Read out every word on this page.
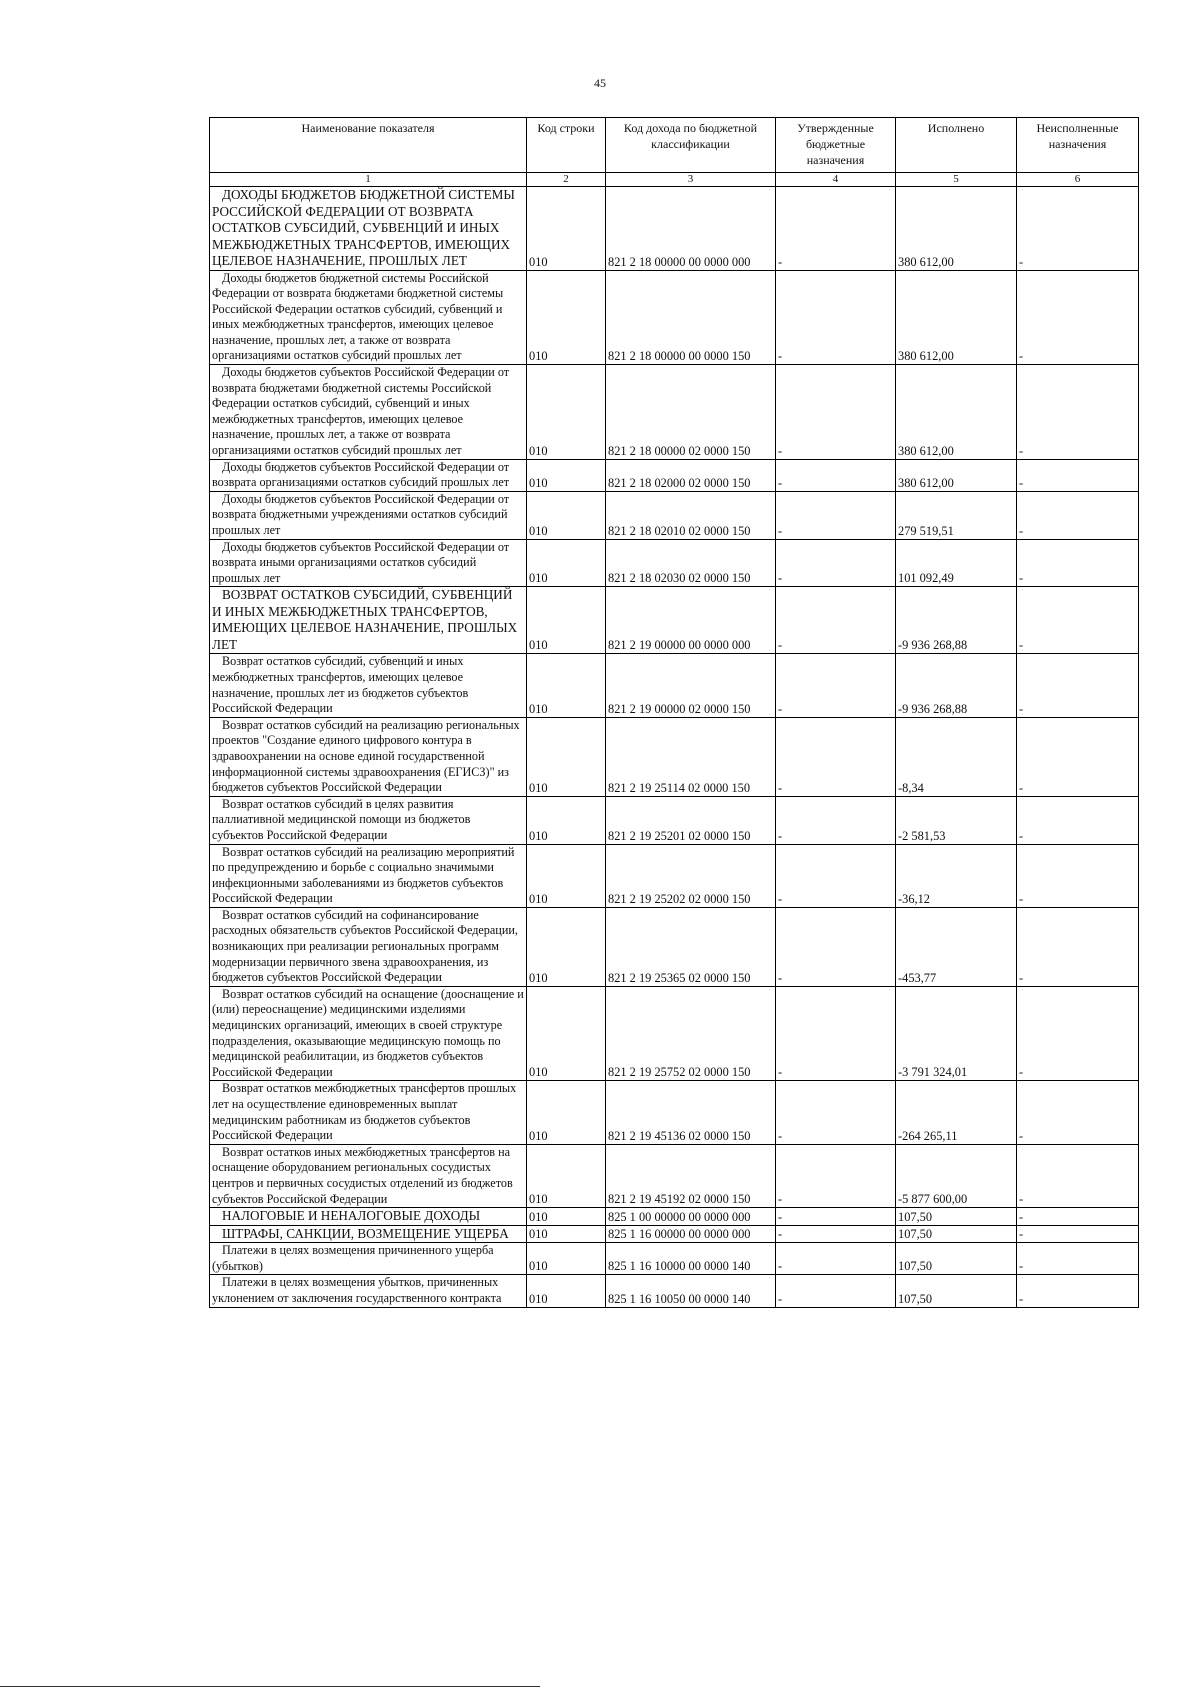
45
Наименование показателя	Код строки	Код дохода по бюджетной классификации	Утвержденные бюджетные назначения	Исполнено	Неисполненные назначения
1	2	3	4	5	6
ДОХОДЫ БЮДЖЕТОВ БЮДЖЕТНОЙ СИСТЕМЫ РОССИЙСКОЙ ФЕДЕРАЦИИ ОТ ВОЗВРАТА ОСТАТКОВ СУБСИДИЙ, СУБВЕНЦИЙ И ИНЫХ МЕЖБЮДЖЕТНЫХ ТРАНСФЕРТОВ, ИМЕЮЩИХ ЦЕЛЕВОЕ НАЗНАЧЕНИЕ, ПРОШЛЫХ ЛЕТ	010	821 2 18 00000 00 0000 000	-	380 612,00	-
Доходы бюджетов бюджетной системы Российской Федерации от возврата бюджетами бюджетной системы Российской Федерации остатков субсидий, субвенций и иных межбюджетных трансфертов, имеющих целевое назначение, прошлых лет, а также от возврата организациями остатков субсидий прошлых лет	010	821 2 18 00000 00 0000 150	-	380 612,00	-
Доходы бюджетов субъектов Российской Федерации от возврата бюджетами бюджетной системы Российской Федерации остатков субсидий, субвенций и иных межбюджетных трансфертов, имеющих целевое назначение, прошлых лет, а также от возврата организациями остатков субсидий прошлых лет	010	821 2 18 00000 02 0000 150	-	380 612,00	-
Доходы бюджетов субъектов Российской Федерации от возврата организациями остатков субсидий прошлых лет	010	821 2 18 02000 02 0000 150	-	380 612,00	-
Доходы бюджетов субъектов Российской Федерации от возврата бюджетными учреждениями остатков субсидий прошлых лет	010	821 2 18 02010 02 0000 150	-	279 519,51	-
Доходы бюджетов субъектов Российской Федерации от возврата иными организациями остатков субсидий прошлых лет	010	821 2 18 02030 02 0000 150	-	101 092,49	-
ВОЗВРАТ ОСТАТКОВ СУБСИДИЙ, СУБВЕНЦИЙ И ИНЫХ МЕЖБЮДЖЕТНЫХ ТРАНСФЕРТОВ, ИМЕЮЩИХ ЦЕЛЕВОЕ НАЗНАЧЕНИЕ, ПРОШЛЫХ ЛЕТ	010	821 2 19 00000 00 0000 000	-	-9 936 268,88	-
Возврат остатков субсидий, субвенций и иных межбюджетных трансфертов, имеющих целевое назначение, прошлых лет из бюджетов субъектов Российской Федерации	010	821 2 19 00000 02 0000 150	-	-9 936 268,88	-
Возврат остатков субсидий на реализацию региональных проектов "Создание единого цифрового контура в здравоохранении на основе единой государственной информационной системы здравоохранения (ЕГИСЗ)" из бюджетов субъектов Российской Федерации	010	821 2 19 25114 02 0000 150	-	-8,34	-
Возврат остатков субсидий в целях развития паллиативной медицинской помощи из бюджетов субъектов Российской Федерации	010	821 2 19 25201 02 0000 150	-	-2 581,53	-
Возврат остатков субсидий на реализацию мероприятий по предупреждению и борьбе с социально значимыми инфекционными заболеваниями из бюджетов субъектов Российской Федерации	010	821 2 19 25202 02 0000 150	-	-36,12	-
Возврат остатков субсидий на софинансирование расходных обязательств субъектов Российской Федерации, возникающих при реализации региональных программ модернизации первичного звена здравоохранения, из бюджетов субъектов Российской Федерации	010	821 2 19 25365 02 0000 150	-	-453,77	-
Возврат остатков субсидий на оснащение (дооснащение и (или) переоснащение) медицинскими изделиями медицинских организаций, имеющих в своей структуре подразделения, оказывающие медицинскую помощь по медицинской реабилитации, из бюджетов субъектов Российской Федерации	010	821 2 19 25752 02 0000 150	-	-3 791 324,01	-
Возврат остатков межбюджетных трансфертов прошлых лет на осуществление единовременных выплат медицинским работникам из бюджетов субъектов Российской Федерации	010	821 2 19 45136 02 0000 150	-	-264 265,11	-
Возврат остатков иных межбюджетных трансфертов на оснащение оборудованием региональных сосудистых центров и первичных сосудистых отделений из бюджетов субъектов Российской Федерации	010	821 2 19 45192 02 0000 150	-	-5 877 600,00	-
НАЛОГОВЫЕ И НЕНАЛОГОВЫЕ ДОХОДЫ	010	825 1 00 00000 00 0000 000	-	107,50	-
ШТРАФЫ, САНКЦИИ, ВОЗМЕЩЕНИЕ УЩЕРБА	010	825 1 16 00000 00 0000 000	-	107,50	-
Платежи в целях возмещения причиненного ущерба (убытков)	010	825 1 16 10000 00 0000 140	-	107,50	-
Платежи в целях возмещения убытков, причиненных уклонением от заключения государственного контракта	010	825 1 16 10050 00 0000 140	-	107,50	-
